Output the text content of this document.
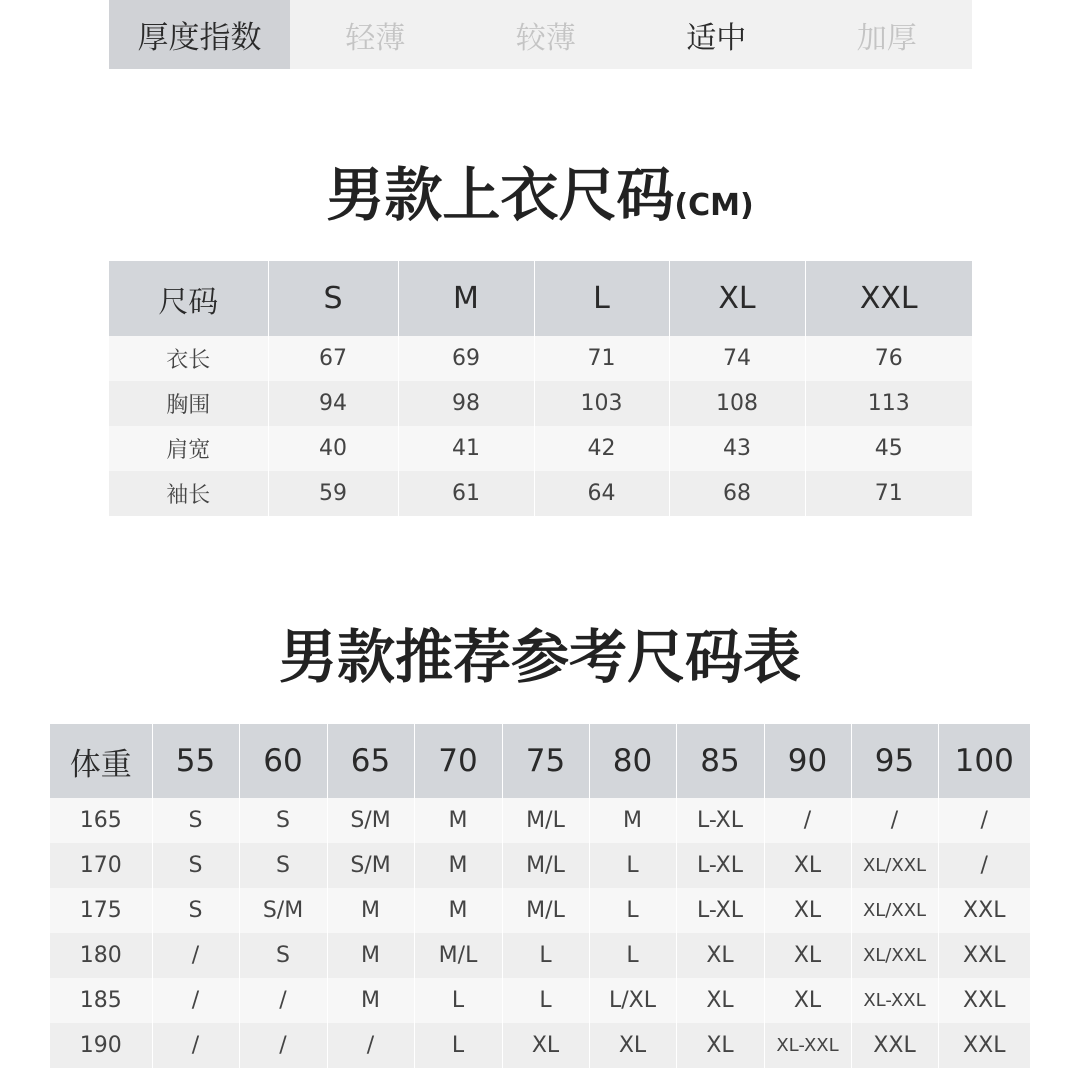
厚度指数	轻薄	较薄	适中	加厚
男款上衣尺码(CM)
尺码	S	M	L	XL	XXL
衣长	67	69	71	74	76
胸围	94	98	103	108	113
肩宽	40	41	42	43	45
袖长	59	61	64	68	71
男款推荐参考尺码表
体重	55	60	65	70	75	80	85	90	95	100
165	S	S	S/M	M	M/L	M	L-XL	/	/	/
170	S	S	S/M	M	M/L	L	L-XL	XL	XL/XXL	/
175	S	S/M	M	M	M/L	L	L-XL	XL	XL/XXL	XXL
180	/	S	M	M/L	L	L	XL	XL	XL/XXL	XXL
185	/	/	M	L	L	L/XL	XL	XL	XL-XXL	XXL
190	/	/	/	L	XL	XL	XL	XL-XXL	XXL	XXL
